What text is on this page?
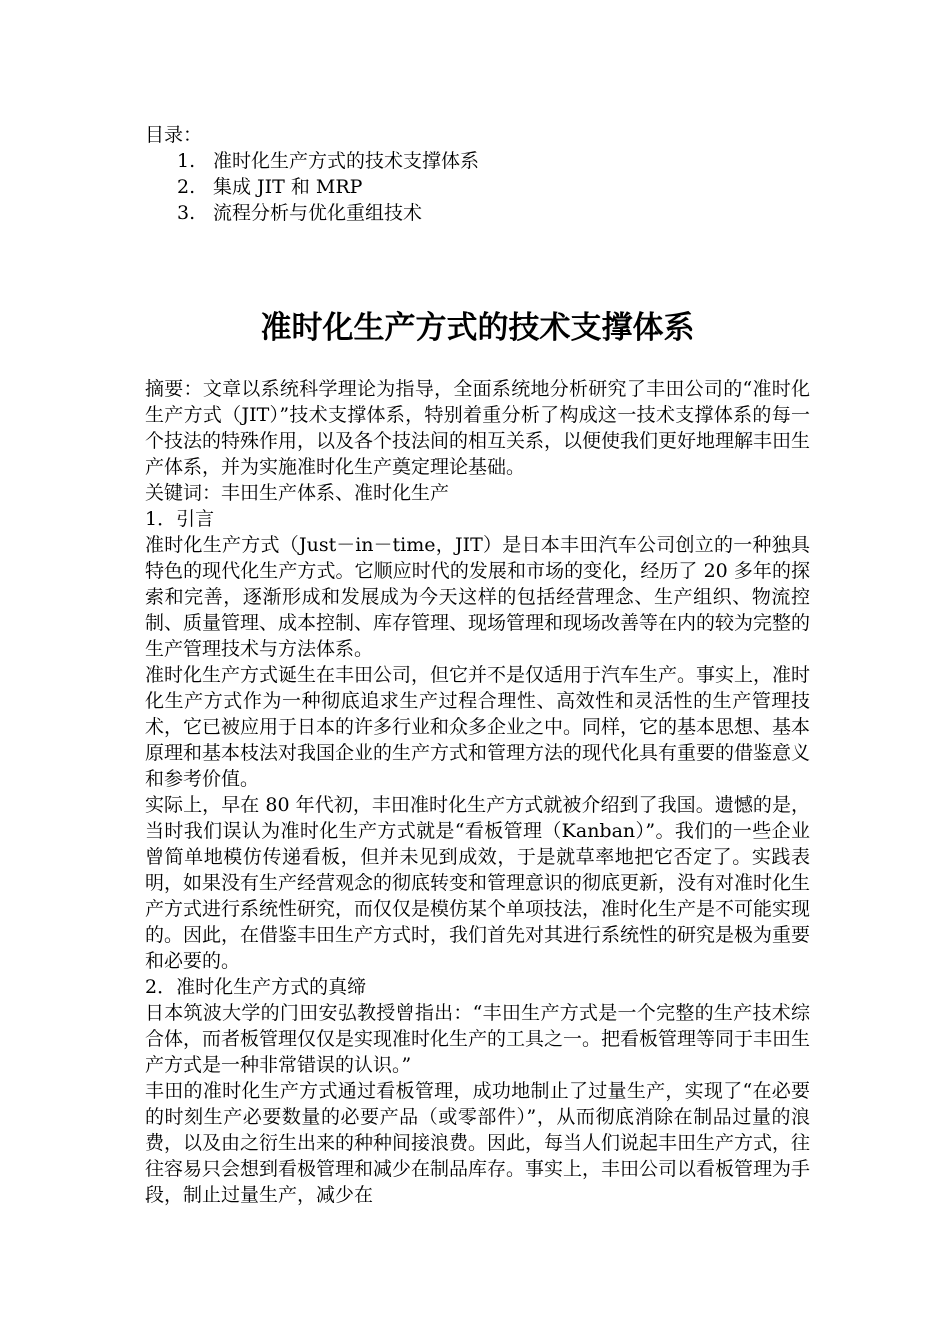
目录：

1. 准时化生产方式的技术支撑体系
2. 集成 JIT 和 MRP
3. 流程分析与优化重组技术
准时化生产方式的技术支撑体系

摘要：文章以系统科学理论为指导，全面系统地分析研究了丰田公司的“准时化生产方式（JIT）”技术支撑体系，特别着重分析了构成这一技术支撑体系的每一个技法的特殊作用，以及各个技法间的相互关系，以便使我们更好地理解丰田生产体系，并为实施准时化生产奠定理论基础。

关键词：丰田生产体系、准时化生产

1．引言

准时化生产方式（Just－in－time，JIT）是日本丰田汽车公司创立的一种独具特色的现代化生产方式。它顺应时代的发展和市场的变化，经历了 20 多年的探索和完善，逐渐形成和发展成为今天这样的包括经营理念、生产组织、物流控制、质量管理、成本控制、库存管理、现场管理和现场改善等在内的较为完整的生产管理技术与方法体系。

准时化生产方式诞生在丰田公司，但它并不是仅适用于汽车生产。事实上，准时化生产方式作为一种彻底追求生产过程合理性、高效性和灵活性的生产管理技术，它已被应用于日本的许多行业和众多企业之中。同样，它的基本思想、基本原理和基本枝法对我国企业的生产方式和管理方法的现代化具有重要的借鉴意义和参考价值。

实际上，早在 80 年代初，丰田准时化生产方式就被介绍到了我国。遗憾的是，当时我们误认为准时化生产方式就是“看板管理（Kanban）”。我们的一些企业曾简单地模仿传递看板，但并未见到成效，于是就草率地把它否定了。实践表明，如果没有生产经营观念的彻底转变和管理意识的彻底更新，没有对准时化生产方式进行系统性研究，而仅仅是模仿某个单项技法，准时化生产是不可能实现的。因此，在借鉴丰田生产方式时，我们首先对其进行系统性的研究是极为重要和必要的。

2．准时化生产方式的真缔

日本筑波大学的门田安弘教授曾指出：“丰田生产方式是一个完整的生产技术综合体，而者板管理仅仅是实现准时化生产的工具之一。把看板管理等同于丰田生产方式是一种非常错误的认识。”

丰田的准时化生产方式通过看板管理，成功地制止了过量生产，实现了“在必要的时刻生产必要数量的必要产品（或零部件）”，从而彻底消除在制品过量的浪费，以及由之衍生出来的种种间接浪费。因此，每当人们说起丰田生产方式，往往容易只会想到看极管理和减少在制品库存。事实上，丰田公司以看板管理为手段，制止过量生产，减少在
